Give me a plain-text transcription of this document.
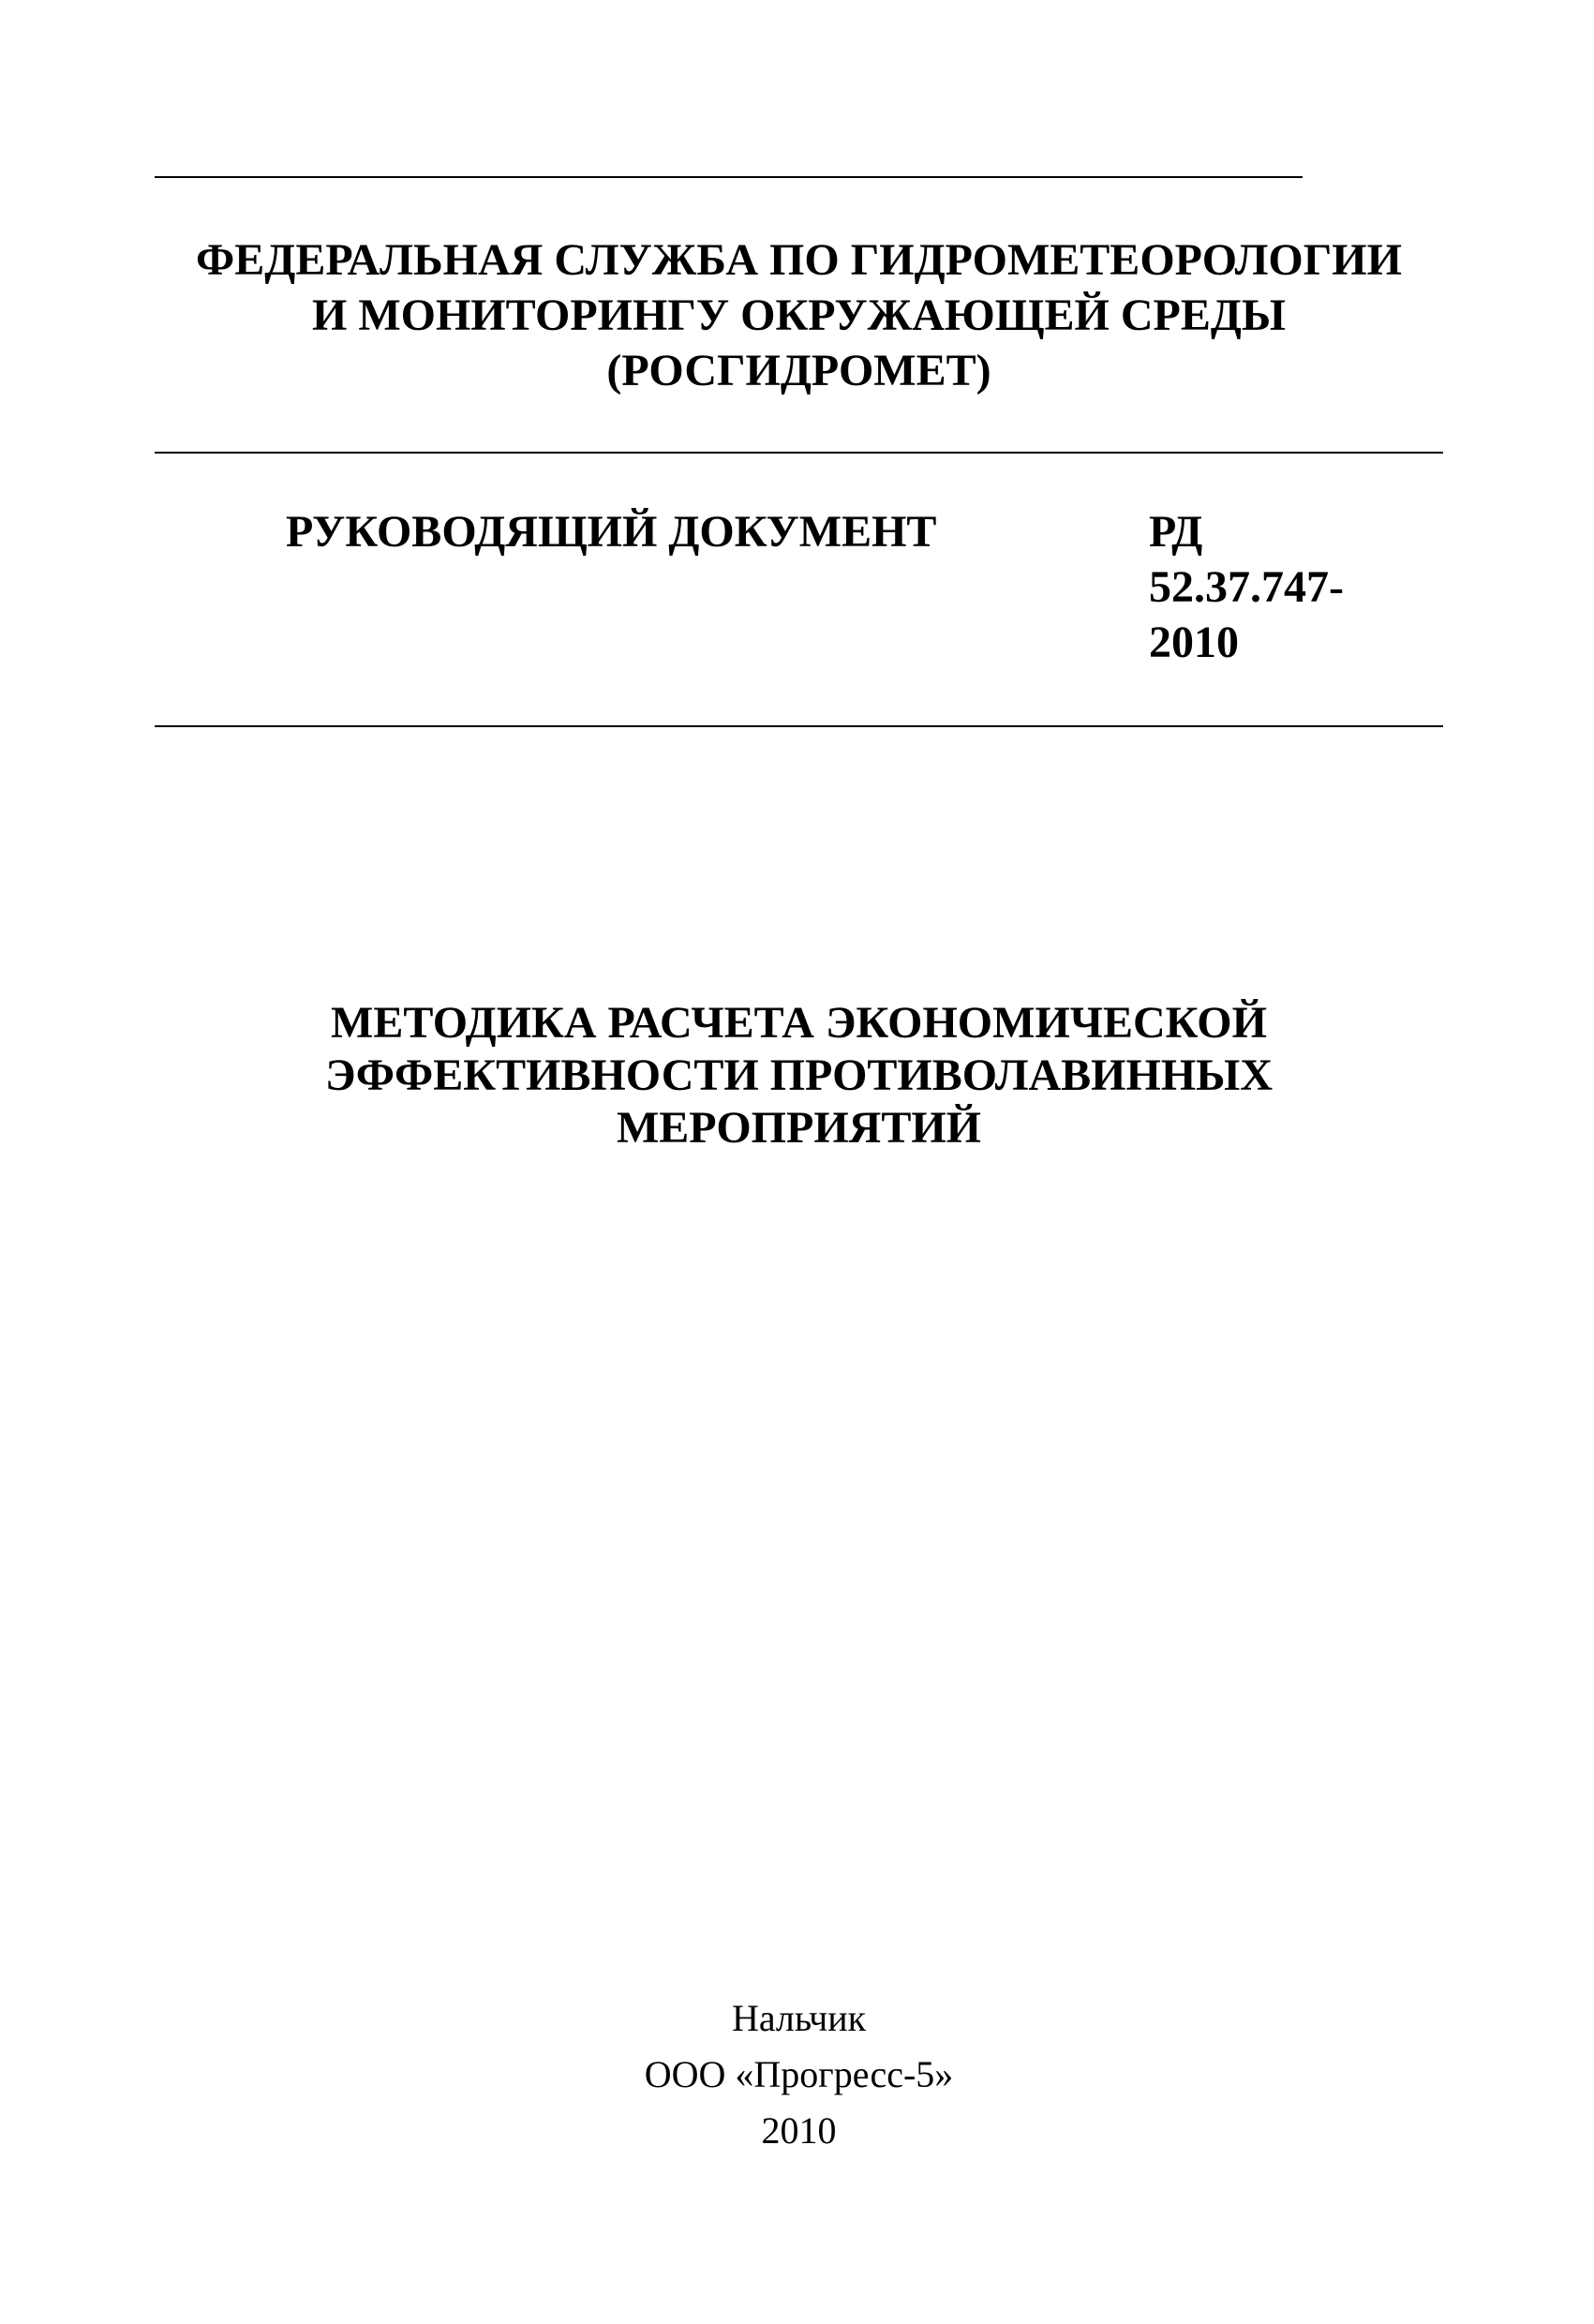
ФЕДЕРАЛЬНАЯ СЛУЖБА ПО ГИДРОМЕТЕОРОЛОГИИ
И МОНИТОРИНГУ ОКРУЖАЮЩЕЙ СРЕДЫ
(РОСГИДРОМЕТ)
РУКОВОДЯЩИЙ ДОКУМЕНТ	РД
52.37.747-
2010
МЕТОДИКА РАСЧЕТА ЭКОНОМИЧЕСКОЙ
ЭФФЕКТИВНОСТИ ПРОТИВОЛАВИННЫХ
МЕРОПРИЯТИЙ
Нальчик
ООО «Прогресс-5»
2010
